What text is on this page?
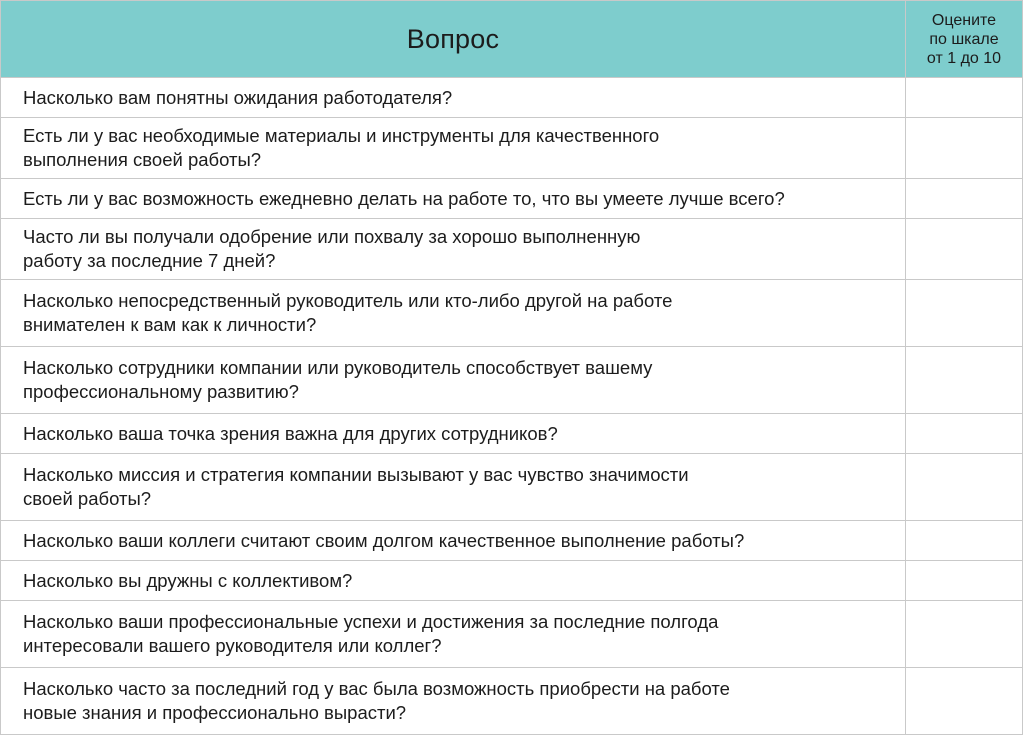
Вопрос	Оцените
по шкале
от 1 до 10

Насколько вам понятны ожидания работодателя?	

Есть ли у вас необходимые материалы и инструменты для качественного
выполнения своей работы?	

Есть ли у вас возможность ежедневно делать на работе то, что вы умеете лучше всего?	

Часто ли вы получали одобрение или похвалу за хорошо выполненную
работу за последние 7 дней?	

Насколько непосредственный руководитель или кто-либо другой на работе
внимателен к вам как к личности?	

Насколько сотрудники компании или руководитель способствует вашему
профессиональному развитию?	

Насколько ваша точка зрения важна для других сотрудников?	

Насколько миссия и стратегия компании вызывают у вас чувство значимости
своей работы?	

Насколько ваши коллеги считают своим долгом качественное выполнение работы?	

Насколько вы дружны с коллективом?	

Насколько ваши профессиональные успехи и достижения за последние полгода
интересовали вашего руководителя или коллег?	

Насколько часто за последний год у вас была возможность приобрести на работе
новые знания и профессионально вырасти?	
